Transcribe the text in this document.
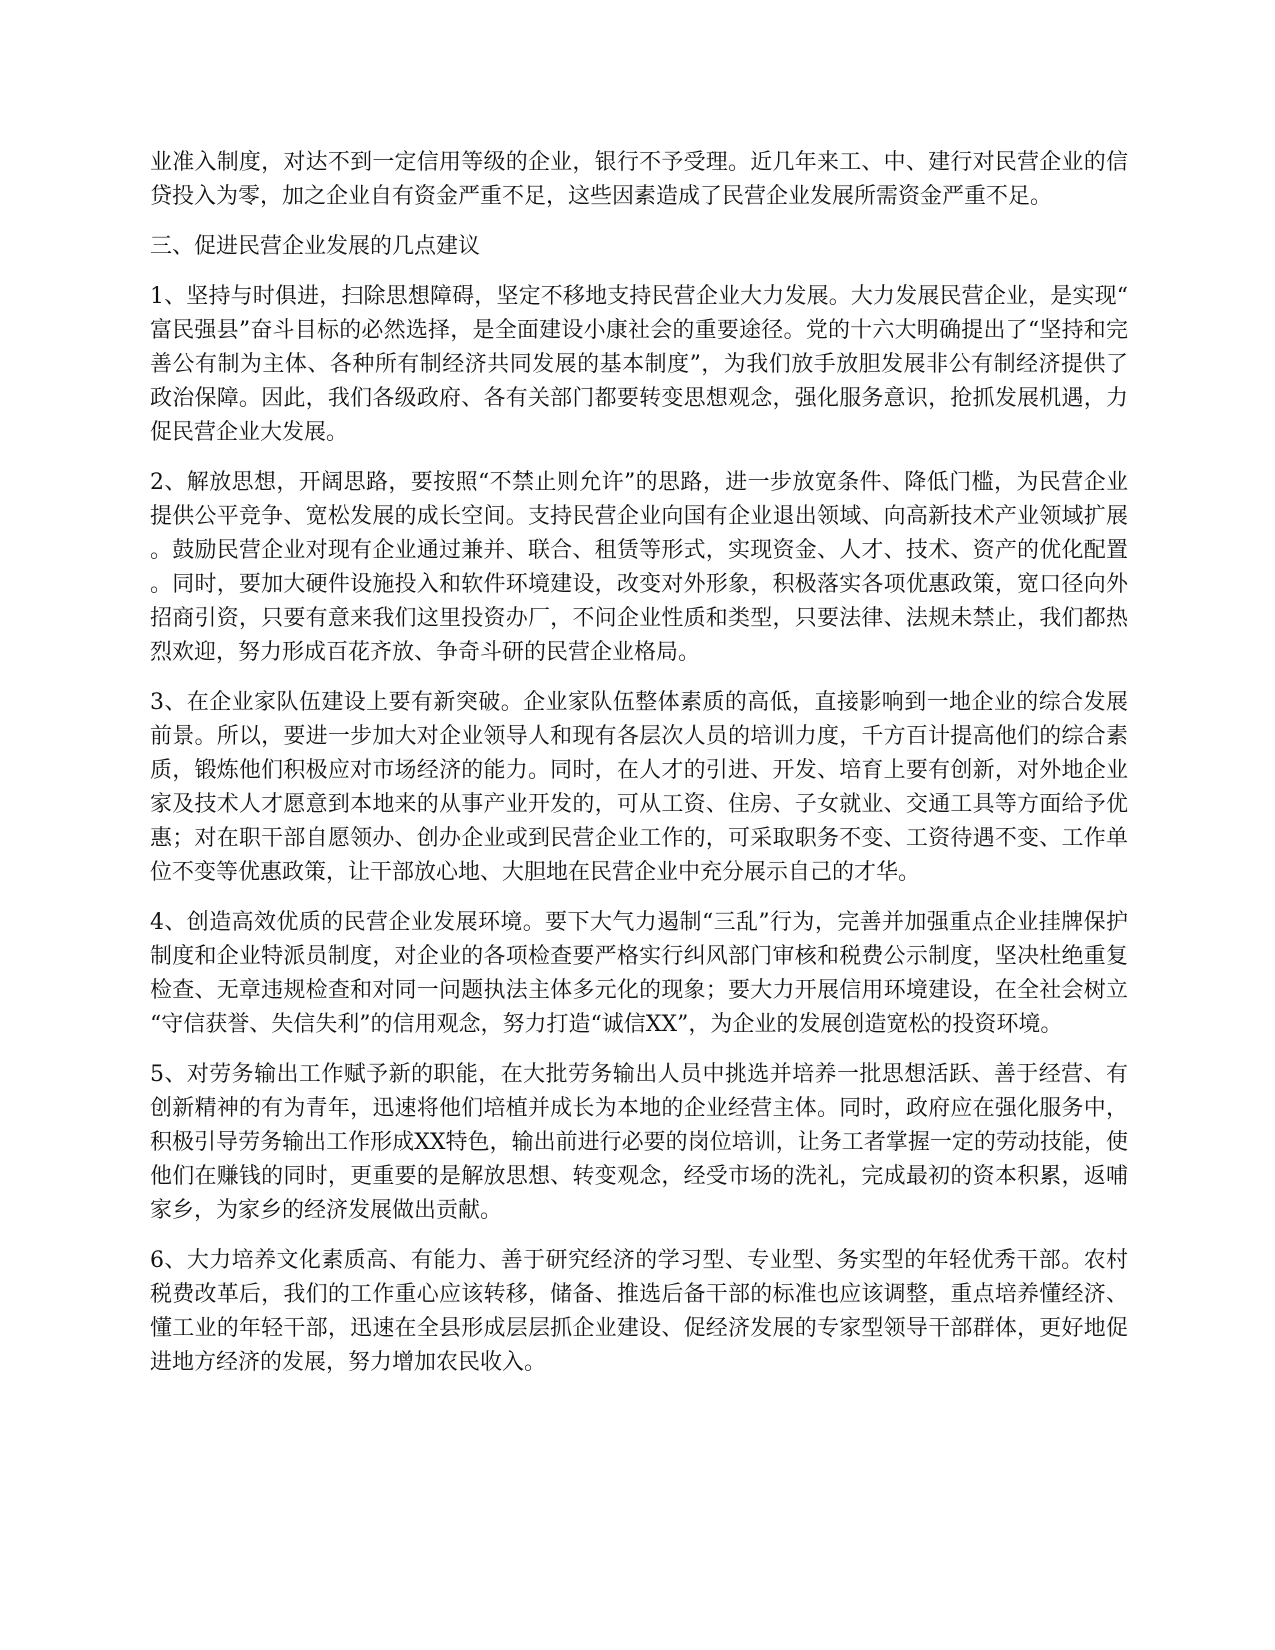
业准入制度，对达不到一定信用等级的企业，银行不予受理。近几年来工、中、建行对民营企业的信贷投入为零，加之企业自有资金严重不足，这些因素造成了民营企业发展所需资金严重不足。

三、促进民营企业发展的几点建议

1、坚持与时俱进，扫除思想障碍，坚定不移地支持民营企业大力发展。大力发展民营企业，是实现“富民强县”奋斗目标的必然选择，是全面建设小康社会的重要途径。党的十六大明确提出了“坚持和完善公有制为主体、各种所有制经济共同发展的基本制度”，为我们放手放胆发展非公有制经济提供了政治保障。因此，我们各级政府、各有关部门都要转变思想观念，强化服务意识，抢抓发展机遇，力促民营企业大发展。

2、解放思想，开阔思路，要按照“不禁止则允许”的思路，进一步放宽条件、降低门槛，为民营企业提供公平竞争、宽松发展的成长空间。支持民营企业向国有企业退出领域、向高新技术产业领域扩展。鼓励民营企业对现有企业通过兼并、联合、租赁等形式，实现资金、人才、技术、资产的优化配置。同时，要加大硬件设施投入和软件环境建设，改变对外形象，积极落实各项优惠政策，宽口径向外招商引资，只要有意来我们这里投资办厂，不问企业性质和类型，只要法律、法规未禁止，我们都热烈欢迎，努力形成百花齐放、争奇斗研的民营企业格局。

3、在企业家队伍建设上要有新突破。企业家队伍整体素质的高低，直接影响到一地企业的综合发展前景。所以，要进一步加大对企业领导人和现有各层次人员的培训力度，千方百计提高他们的综合素质，锻炼他们积极应对市场经济的能力。同时，在人才的引进、开发、培育上要有创新，对外地企业家及技术人才愿意到本地来的从事产业开发的，可从工资、住房、子女就业、交通工具等方面给予优惠；对在职干部自愿领办、创办企业或到民营企业工作的，可采取职务不变、工资待遇不变、工作单位不变等优惠政策，让干部放心地、大胆地在民营企业中充分展示自己的才华。

4、创造高效优质的民营企业发展环境。要下大气力遏制“三乱”行为，完善并加强重点企业挂牌保护制度和企业特派员制度，对企业的各项检查要严格实行纠风部门审核和税费公示制度，坚决杜绝重复检查、无章违规检查和对同一问题执法主体多元化的现象；要大力开展信用环境建设，在全社会树立“守信获誉、失信失利”的信用观念，努力打造“诚信XX”，为企业的发展创造宽松的投资环境。

5、对劳务输出工作赋予新的职能，在大批劳务输出人员中挑选并培养一批思想活跃、善于经营、有创新精神的有为青年，迅速将他们培植并成长为本地的企业经营主体。同时，政府应在强化服务中，积极引导劳务输出工作形成XX特色，输出前进行必要的岗位培训，让务工者掌握一定的劳动技能，使他们在赚钱的同时，更重要的是解放思想、转变观念，经受市场的洗礼，完成最初的资本积累，返哺家乡，为家乡的经济发展做出贡献。

6、大力培养文化素质高、有能力、善于研究经济的学习型、专业型、务实型的年轻优秀干部。农村税费改革后，我们的工作重心应该转移，储备、推选后备干部的标准也应该调整，重点培养懂经济、懂工业的年轻干部，迅速在全县形成层层抓企业建设、促经济发展的专家型领导干部群体，更好地促进地方经济的发展，努力增加农民收入。
